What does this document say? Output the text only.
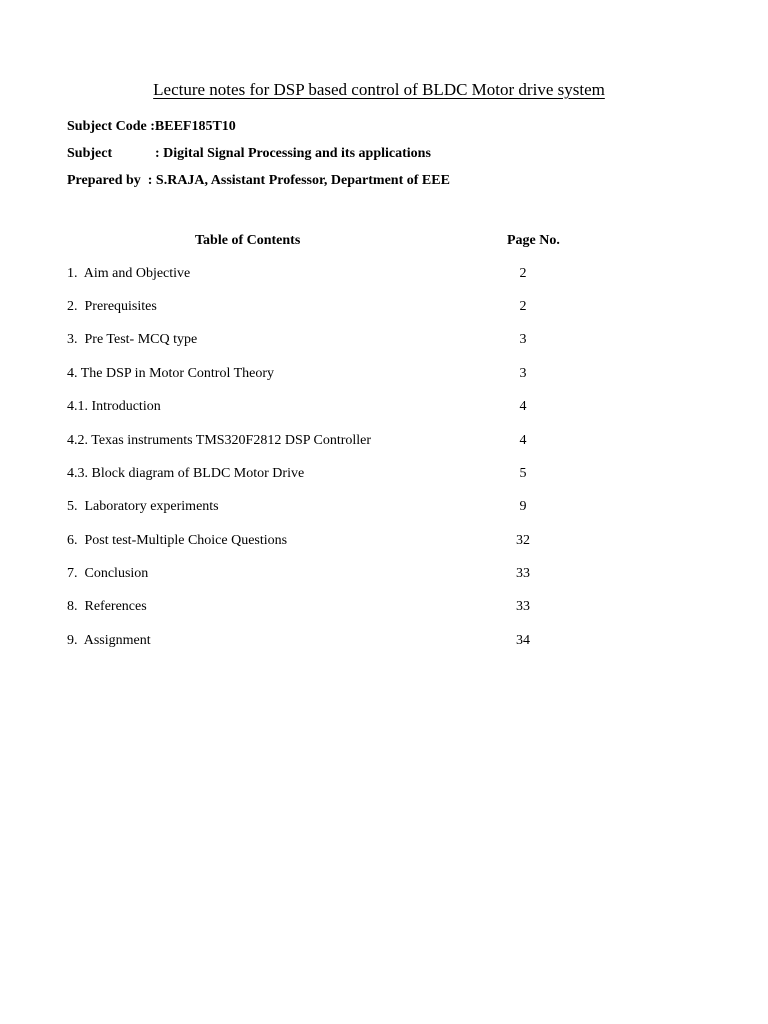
Lecture notes for DSP based control of BLDC Motor drive system
Subject Code :BEEF185T10
Subject	: Digital Signal Processing and its applications
Prepared by  : S.RAJA, Assistant Professor, Department of EEE
Table of Contents	Page No.
1.  Aim and Objective	2
2.  Prerequisites	2
3.  Pre Test- MCQ type	3
4. The DSP in Motor Control Theory	3
4.1. Introduction	4
4.2. Texas instruments TMS320F2812 DSP Controller	4
4.3. Block diagram of BLDC Motor Drive	5
5.  Laboratory experiments	9
6.  Post test-Multiple Choice Questions	32
7.  Conclusion	33
8.  References	33
9.  Assignment	34
